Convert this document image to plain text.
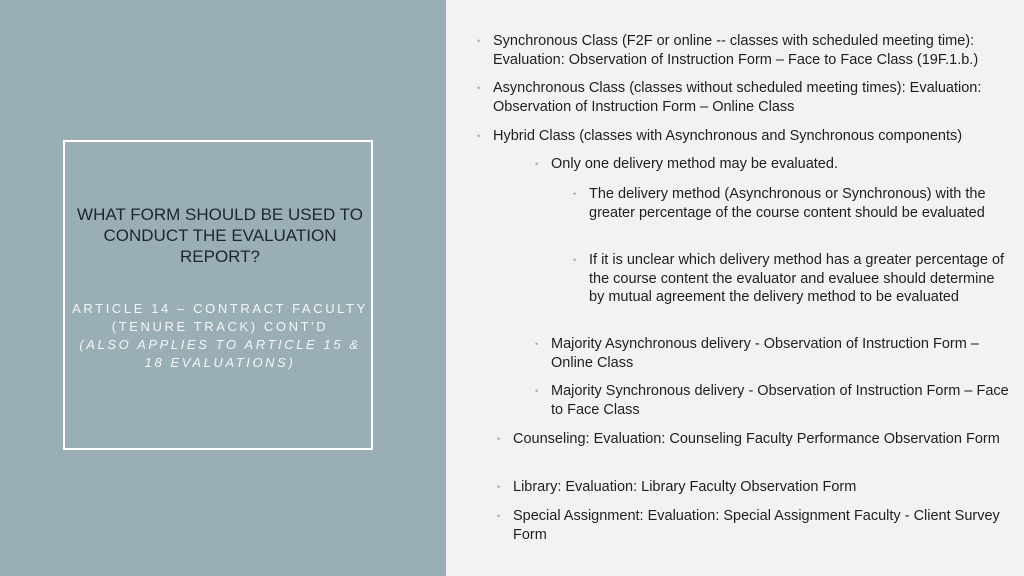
WHAT FORM SHOULD BE USED TO CONDUCT THE EVALUATION REPORT?
ARTICLE 14 – CONTRACT FACULTY (TENURE TRACK) CONT'D
(ALSO APPLIES TO ARTICLE 15 & 18 EVALUATIONS)
• Synchronous Class (F2F or online -- classes with scheduled meeting time): Evaluation: Observation of Instruction Form – Face to Face Class (19F.1.b.)
• Asynchronous Class (classes without scheduled meeting times): Evaluation: Observation of Instruction Form – Online Class
• Hybrid Class (classes with Asynchronous and Synchronous components)
• Only one delivery method may be evaluated.
• The delivery method (Asynchronous or Synchronous) with the greater percentage of the course content should be evaluated
• If it is unclear which delivery method has a greater percentage of the course content the evaluator and evaluee should determine by mutual agreement the delivery method to be evaluated
• Majority Asynchronous delivery - Observation of Instruction Form – Online Class
• Majority Synchronous delivery - Observation of Instruction Form – Face to Face Class
• Counseling: Evaluation: Counseling Faculty Performance Observation Form
• Library: Evaluation: Library Faculty Observation Form
• Special Assignment: Evaluation: Special Assignment Faculty - Client Survey Form
